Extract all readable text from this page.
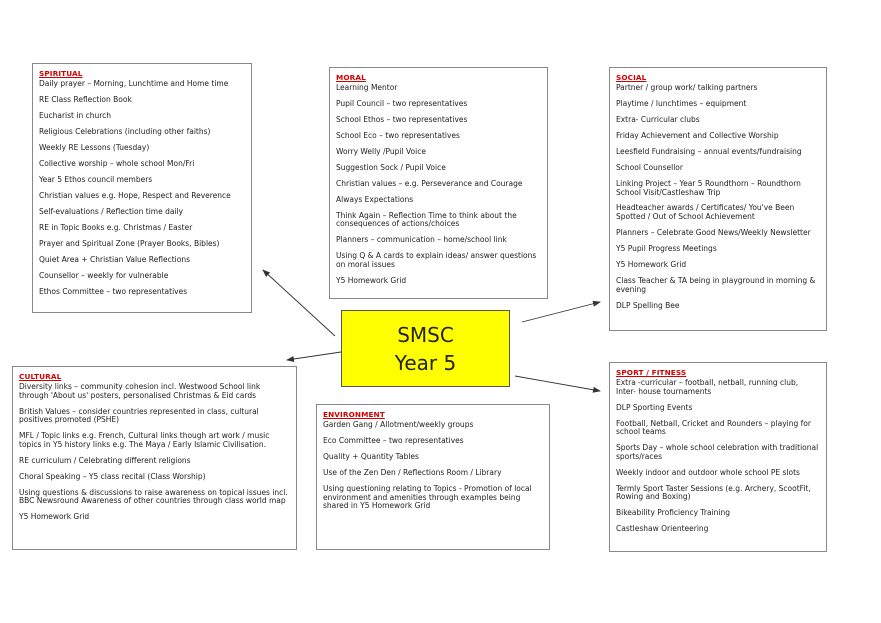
SPIRITUAL
Daily prayer – Morning, Lunchtime and Home time
RE Class Reflection Book
Eucharist in church
Religious Celebrations (including other faiths)
Weekly RE Lessons (Tuesday)
Collective worship – whole school Mon/Fri
Year 5 Ethos council members
Christian values e.g. Hope, Respect and Reverence
Self-evaluations / Reflection time daily
RE in Topic Books e.g. Christmas / Easter
Prayer and Spiritual Zone (Prayer Books, Bibles)
Quiet Area + Christian Value Reflections
Counsellor – weekly for vulnerable
Ethos Committee – two representatives
MORAL
Learning Mentor
Pupil Council – two representatives
School Ethos – two representatives
School Eco – two representatives
Worry Welly /Pupil Voice
Suggestion Sock / Pupil Voice
Christian values – e.g. Perseverance and Courage
Always Expectations
Think Again – Reflection Time to think about the consequences of actions/choices
Planners – communication – home/school link
Using Q & A cards to explain ideas/ answer questions on moral issues
Y5 Homework Grid
SOCIAL
Partner / group work/ talking partners
Playtime / lunchtimes – equipment
Extra- Curricular clubs
Friday Achievement and Collective Worship
Leesfield Fundraising – annual events/fundraising
School Counsellor
Linking Project – Year 5 Roundthorn – Roundthorn School Visit/Castleshaw Trip
Headteacher awards / Certificates/ You've Been Spotted / Out of School Achievement
Planners – Celebrate Good News/Weekly Newsletter
Y5 Pupil Progress Meetings
Y5 Homework Grid
Class Teacher & TA being in playground in morning & evening
DLP Spelling Bee
SMSC
Year 5
CULTURAL
Diversity links – community cohesion incl. Westwood School link through 'About us' posters, personalised Christmas & Eid cards
British Values – consider countries represented in class, cultural positives promoted (PSHE)
MFL / Topic links e.g. French, Cultural links though art work / music topics in Y5 history links e.g. The Maya / Early Islamic Civilisation.
RE curriculum / Celebrating different religions
Choral Speaking – Y5 class recital (Class Worship)
Using questions & discussions to raise awareness on topical issues incl. BBC Newsround Awareness of other countries through class world map
Y5 Homework Grid
ENVIRONMENT
Garden Gang / Allotment/weekly groups
Eco Committee – two representatives
Quality + Quantity Tables
Use of the Zen Den / Reflections Room / Library
Using questioning relating to Topics - Promotion of local environment and amenities through examples being shared in Y5 Homework Grid
SPORT / FITNESS
Extra -curricular – football, netball, running club, Inter- house tournaments
DLP Sporting Events
Football, Netball, Cricket and Rounders – playing for school teams
Sports Day – whole school celebration with traditional sports/races
Weekly indoor and outdoor whole school PE slots
Termly Sport Taster Sessions (e.g. Archery, ScootFit, Rowing and Boxing)
Bikeability Proficiency Training
Castleshaw Orienteering
